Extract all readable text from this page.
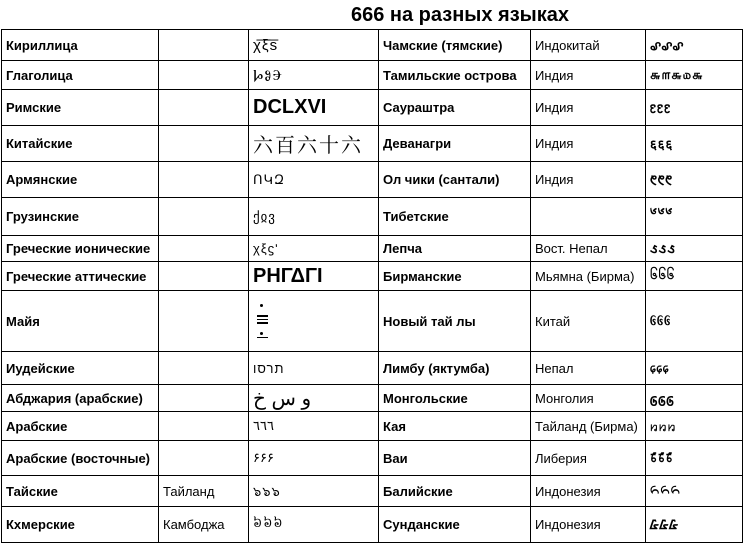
666 на разных языках
Кириллица		χ͞ξ͞ѕ	Чамские (тямские)	Индокитай	꩖꩖꩖
Глаголица		ⰘⰑⰅ	Тамильские острова	Индия	௬௱௬௰௬
Римские		DCLXVI	Саураштра	Индия	꣖꣖꣖
Китайские		六百六十六	Деванагри	Индия	६६६
Армянские		ՈԿԶ	Ол чики (сантали)	Индия	᱖᱖᱖
Грузинские		ქჲვ	Тибетские		༦༦༦
Греческие ионические		χξϛʹ	Лепча	Вост. Непал	᱆᱆᱆
Греческие аттические		ΡΗΓΔΓΙ	Бирманские	Мьямна (Бирма)	၆၆၆
Майя			Новый тай лы	Китай	᧖᧖᧖
Иудейские		תרסו	Лимбу (яктумба)	Непал	᥌᥌᥌
Абджария (арабские)		و س خ	Монгольские	Монголия	᠖᠖᠖
Арабские		٦٦٦	Кая	Тайланд (Бирма)	꤆꤆꤆
Арабские (восточные)		۶۶۶	Ваи	Либерия	꘦꘦꘦
Тайские	Тайланд	๖๖๖	Балийские	Индонезия	᭖᭖᭖
Кхмерские	Камбоджа	៦៦៦	Сунданские	Индонезия	᮶᮶᮶
